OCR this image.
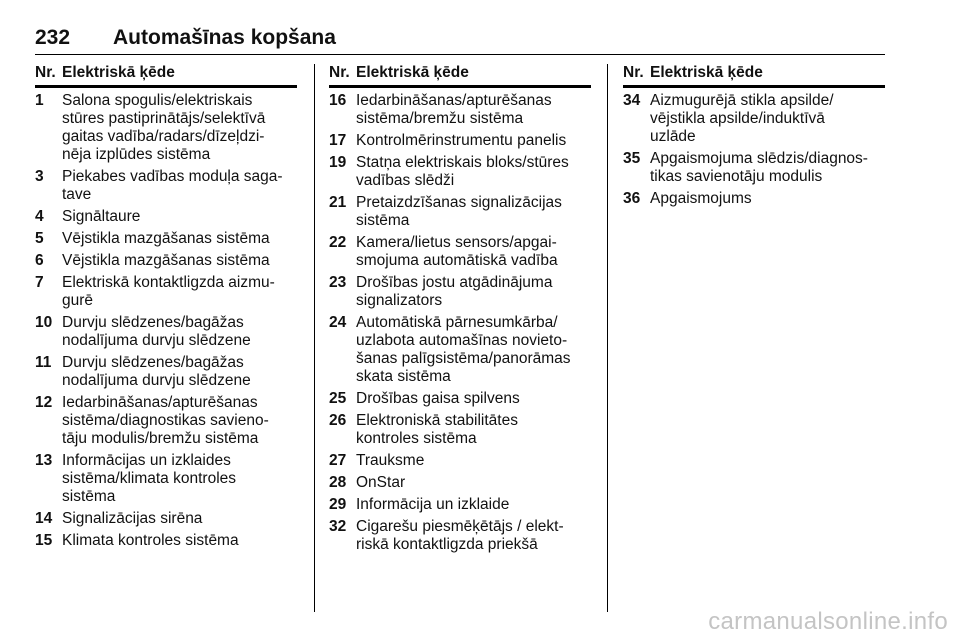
232 Automašīnas kopšana
Nr. Elektriskā ķēde
1	Salona spogulis/elektriskais
stūres pastiprinātājs/selektīvā
gaitas vadība/radars/dīzeļdzi-
nēja izplūdes sistēma
3	Piekabes vadības moduļa saga-
tave
4	Signāltaure
5	Vējstikla mazgāšanas sistēma
6	Vējstikla mazgāšanas sistēma
7	Elektriskā kontaktligzda aizmu-
gurē
10 Durvju slēdzenes/bagāžas
nodalījuma durvju slēdzene
11 Durvju slēdzenes/bagāžas
nodalījuma durvju slēdzene
12 Iedarbināšanas/apturēšanas
sistēma/diagnostikas savieno-
tāju modulis/bremžu sistēma
13 Informācijas un izklaides
sistēma/klimata kontroles
sistēma
14 Signalizācijas sirēna
15 Klimata kontroles sistēma
Nr. Elektriskā ķēde
16 Iedarbināšanas/apturēšanas
sistēma/bremžu sistēma
17 Kontrolmērinstrumentu panelis
19 Statņa elektriskais bloks/stūres
vadības slēdži
21 Pretaizdzīšanas signalizācijas
sistēma
22 Kamera/lietus sensors/apgai-
smojuma automātiskā vadība
23 Drošības jostu atgādinājuma
signalizators
24 Automātiskā pārnesumkārba/
uzlabota automašīnas novieto-
šanas palīgsistēma/panorāmas
skata sistēma
25 Drošības gaisa spilvens
26 Elektroniskā stabilitātes
kontroles sistēma
27 Trauksme
28 OnStar
29 Informācija un izklaide
32 Cigarešu piesmēķētājs / elekt-
riskā kontaktligzda priekšā
Nr. Elektriskā ķēde
34 Aizmugurējā stikla apsilde/
vējstikla apsilde/induktīvā
uzlāde
35 Apgaismojuma slēdzis/diagnos-
tikas savienotāju modulis
36 Apgaismojums
carmanualsonline.info
